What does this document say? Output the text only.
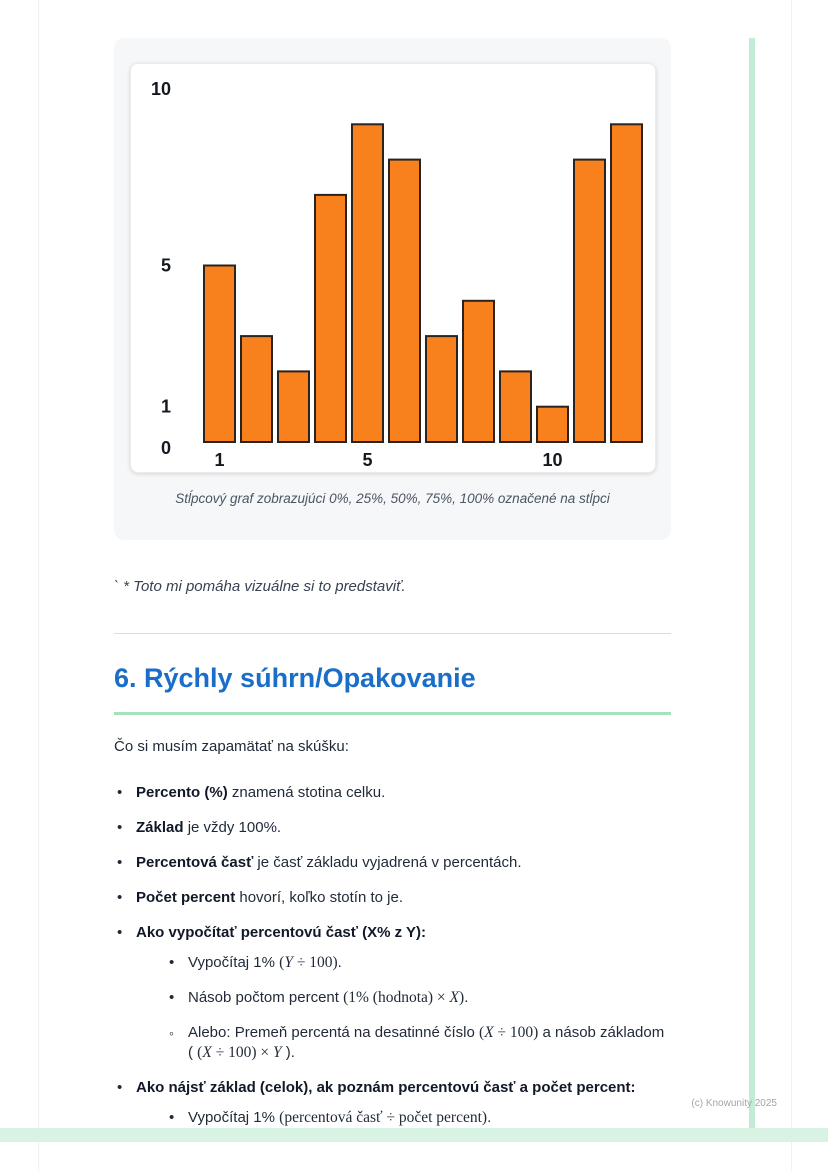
10
5
1
0
1	5	10
Stĺpcový graf zobrazujúci 0%, 25%, 50%, 75%, 100% označené na stĺpci

` * Toto mi pomáha vizuálne si to predstaviť.

6. Rýchly súhrn/Opakovanie

Čo si musím zapamätať na skúšku:

• Percento (%) znamená stotina celku.
• Základ je vždy 100%.
• Percentová časť je časť základu vyjadrená v percentách.
• Počet percent hovorí, koľko stotín to je.
• Ako vypočítať percentovú časť (X% z Y):
• Vypočítaj 1% (Y ÷ 100).
• Násob počtom percent (1% (hodnota) × X).
◦ Alebo: Premeň percentá na desatinné číslo (X ÷ 100) a násob základom ( (X ÷ 100) × Y ).
• Ako nájsť základ (celok), ak poznám percentovú časť a počet percent:
• Vypočítaj 1% (percentová časť ÷ počet percent).
(c) Knowunity 2025
